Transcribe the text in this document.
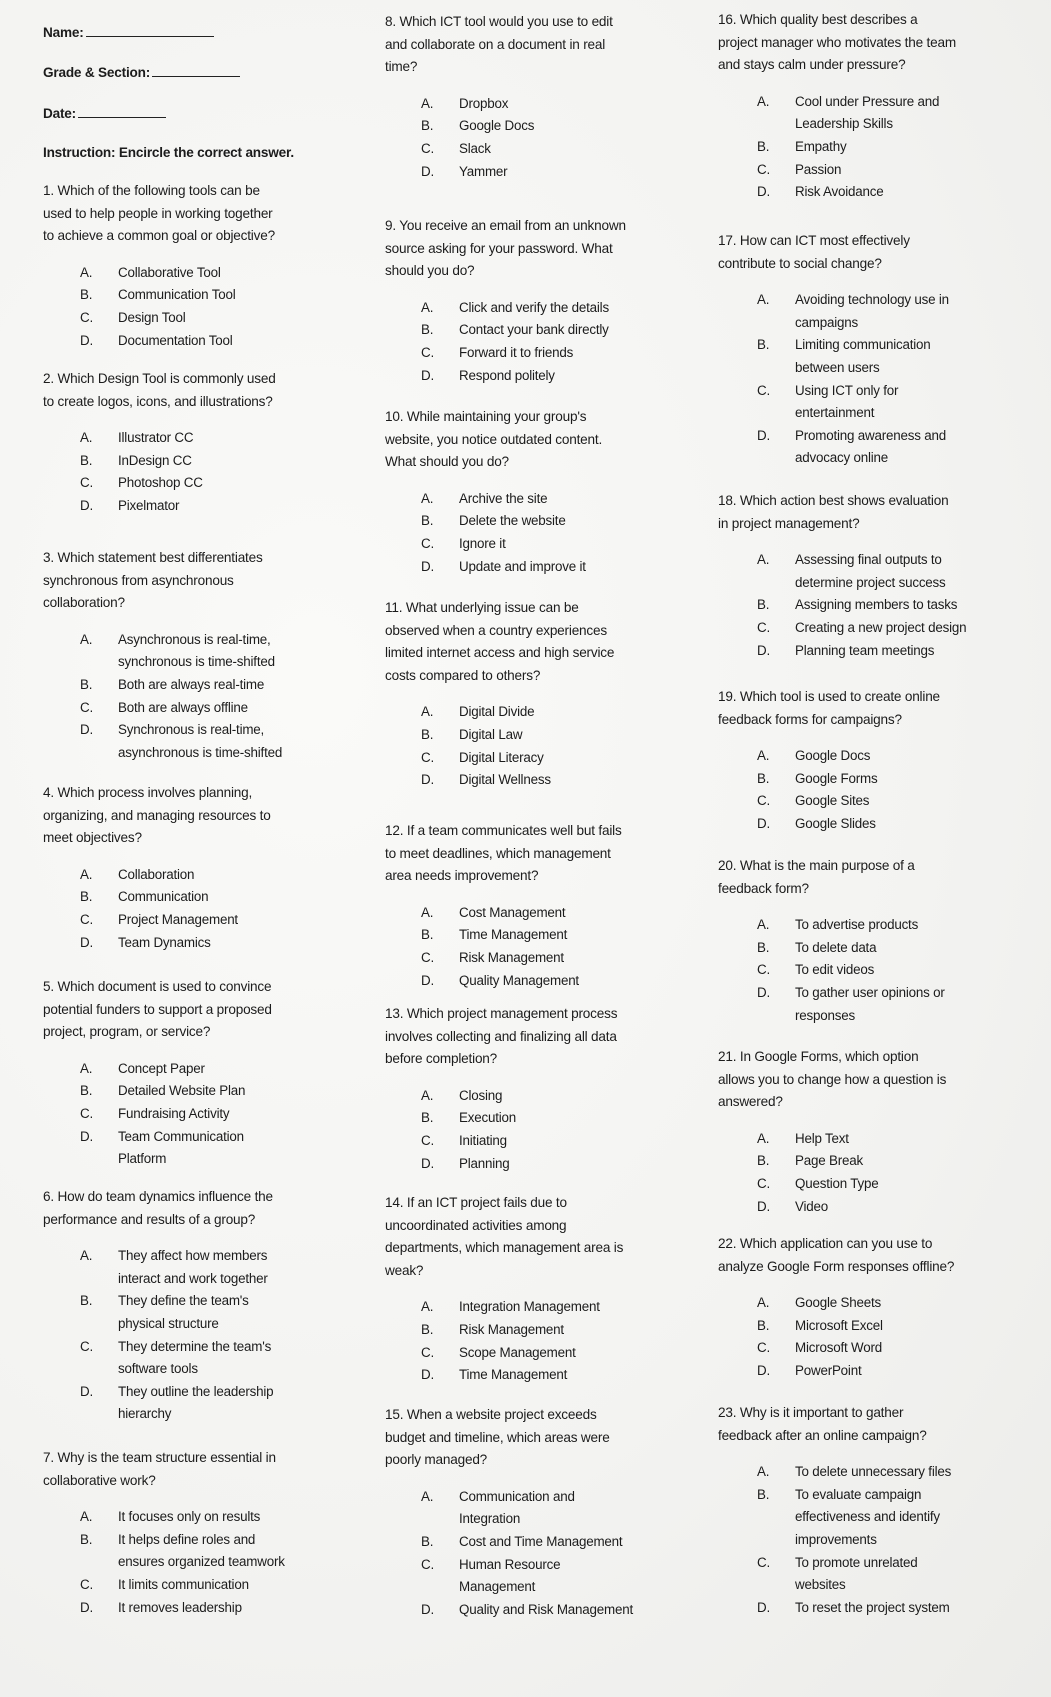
Name:
Grade & Section:
Date:
Instruction: Encircle the correct answer.
1. Which of the following tools can be
used to help people in working together
to achieve a common goal or objective?
A.	Collaborative Tool
B.	Communication Tool
C.	Design Tool
D.	Documentation Tool
2. Which Design Tool is commonly used
to create logos, icons, and illustrations?
A.	Illustrator CC
B.	InDesign CC
C.	Photoshop CC
D.	Pixelmator
3. Which statement best differentiates
synchronous from asynchronous
collaboration?
A.	Asynchronous is real-time,
synchronous is time-shifted
B.	Both are always real-time
C.	Both are always offline
D.	Synchronous is real-time,
asynchronous is time-shifted
4. Which process involves planning,
organizing, and managing resources to
meet objectives?
A.	Collaboration
B.	Communication
C.	Project Management
D.	Team Dynamics
5. Which document is used to convince
potential funders to support a proposed
project, program, or service?
A.	Concept Paper
B.	Detailed Website Plan
C.	Fundraising Activity
D.	Team Communication
Platform
6. How do team dynamics influence the
performance and results of a group?
A.	They affect how members
interact and work together
B.	They define the team's
physical structure
C.	They determine the team's
software tools
D.	They outline the leadership
hierarchy
7. Why is the team structure essential in
collaborative work?
A.	It focuses only on results
B.	It helps define roles and
ensures organized teamwork
C.	It limits communication
D.	It removes leadership
8. Which ICT tool would you use to edit
and collaborate on a document in real
time?
A.	Dropbox
B.	Google Docs
C.	Slack
D.	Yammer
9. You receive an email from an unknown
source asking for your password. What
should you do?
A.	Click and verify the details
B.	Contact your bank directly
C.	Forward it to friends
D.	Respond politely
10. While maintaining your group's
website, you notice outdated content.
What should you do?
A.	Archive the site
B.	Delete the website
C.	Ignore it
D.	Update and improve it
11. What underlying issue can be
observed when a country experiences
limited internet access and high service
costs compared to others?
A.	Digital Divide
B.	Digital Law
C.	Digital Literacy
D.	Digital Wellness
12. If a team communicates well but fails
to meet deadlines, which management
area needs improvement?
A.	Cost Management
B.	Time Management
C.	Risk Management
D.	Quality Management
13. Which project management process
involves collecting and finalizing all data
before completion?
A.	Closing
B.	Execution
C.	Initiating
D.	Planning
14. If an ICT project fails due to
uncoordinated activities among
departments, which management area is
weak?
A.	Integration Management
B.	Risk Management
C.	Scope Management
D.	Time Management
15. When a website project exceeds
budget and timeline, which areas were
poorly managed?
A.	Communication and
Integration
B.	Cost and Time Management
C.	Human Resource
Management
D.	Quality and Risk Management
16. Which quality best describes a
project manager who motivates the team
and stays calm under pressure?
A.	Cool under Pressure and
Leadership Skills
B.	Empathy
C.	Passion
D.	Risk Avoidance
17. How can ICT most effectively
contribute to social change?
A.	Avoiding technology use in
campaigns
B.	Limiting communication
between users
C.	Using ICT only for
entertainment
D.	Promoting awareness and
advocacy online
18. Which action best shows evaluation
in project management?
A.	Assessing final outputs to
determine project success
B.	Assigning members to tasks
C.	Creating a new project design
D.	Planning team meetings
19. Which tool is used to create online
feedback forms for campaigns?
A.	Google Docs
B.	Google Forms
C.	Google Sites
D.	Google Slides
20. What is the main purpose of a
feedback form?
A.	To advertise products
B.	To delete data
C.	To edit videos
D.	To gather user opinions or
responses
21. In Google Forms, which option
allows you to change how a question is
answered?
A.	Help Text
B.	Page Break
C.	Question Type
D.	Video
22. Which application can you use to
analyze Google Form responses offline?
A.	Google Sheets
B.	Microsoft Excel
C.	Microsoft Word
D.	PowerPoint
23. Why is it important to gather
feedback after an online campaign?
A.	To delete unnecessary files
B.	To evaluate campaign
effectiveness and identify
improvements
C.	To promote unrelated
websites
D.	To reset the project system
